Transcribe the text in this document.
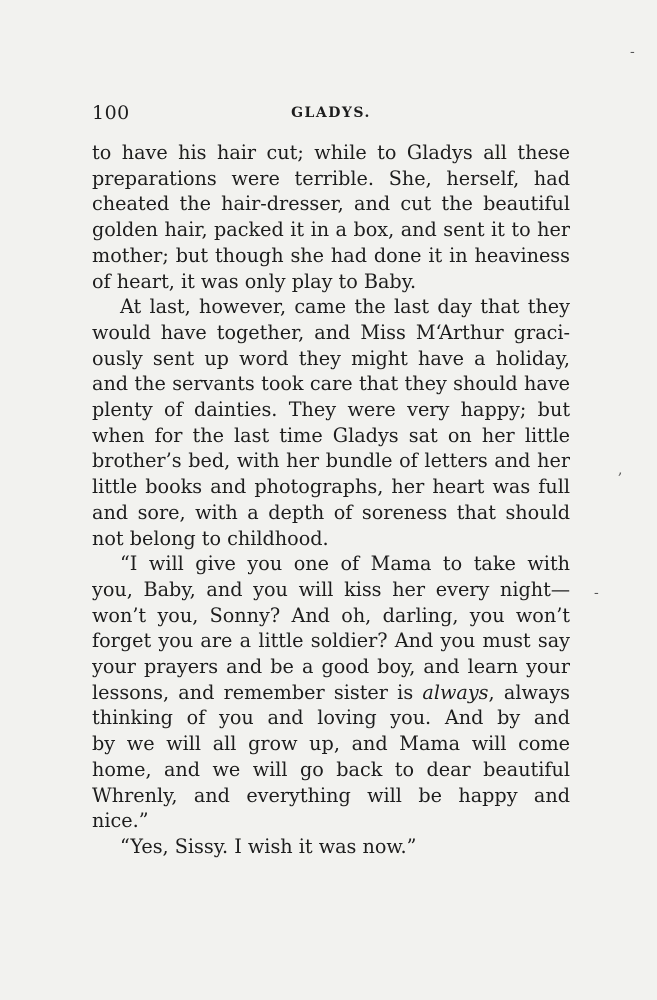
100	GLADYS.
to have his hair cut; while to Gladys all these
preparations were terrible. She, herself, had
cheated the hair-dresser, and cut the beautiful
golden hair, packed it in a box, and sent it to her
mother; but though she had done it in heaviness
of heart, it was only play to Baby.
At last, however, came the last day that they
would have together, and Miss M‘Arthur graci-
ously sent up word they might have a holiday,
and the servants took care that they should have
plenty of dainties. They were very happy; but
when for the last time Gladys sat on her little
brother’s bed, with her bundle of letters and her
little books and photographs, her heart was full
and sore, with a depth of soreness that should
not belong to childhood.
“I will give you one of Mama to take with
you, Baby, and you will kiss her every night—
won’t you, Sonny? And oh, darling, you won’t
forget you are a little soldier? And you must say
your prayers and be a good boy, and learn your
lessons, and remember sister is always, always
thinking of you and loving you. And by and
by we will all grow up, and Mama will come
home, and we will go back to dear beautiful
Whrenly, and everything will be happy and
nice.”
“Yes, Sissy. I wish it was now.”
‑
,
-
